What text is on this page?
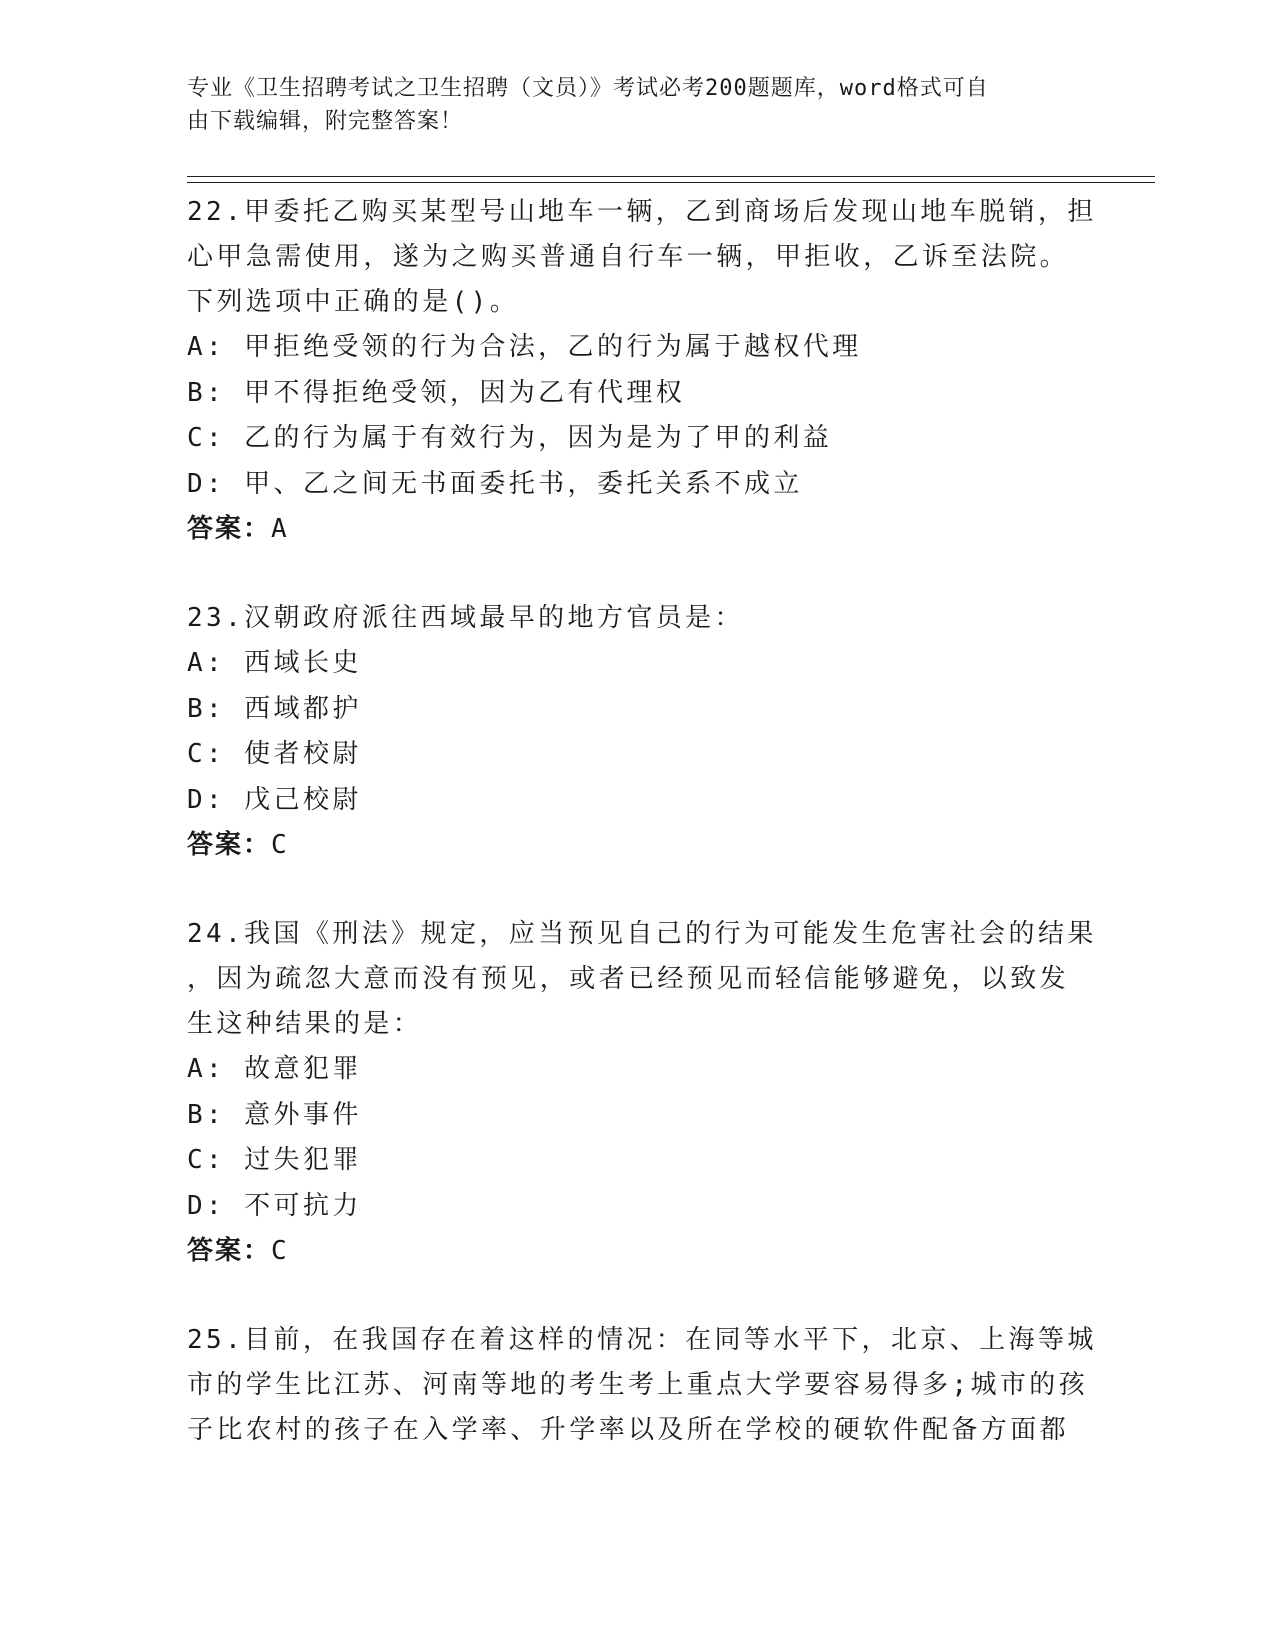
专业《卫生招聘考试之卫生招聘（文员）》考试必考200题题库，word格式可自
由下载编辑，附完整答案！
22.甲委托乙购买某型号山地车一辆，乙到商场后发现山地车脱销，担
心甲急需使用，遂为之购买普通自行车一辆，甲拒收，乙诉至法院。
下列选项中正确的是()。
A: 甲拒绝受领的行为合法，乙的行为属于越权代理
B: 甲不得拒绝受领，因为乙有代理权
C: 乙的行为属于有效行为，因为是为了甲的利益
D: 甲、乙之间无书面委托书，委托关系不成立
答案：A
23.汉朝政府派往西域最早的地方官员是：
A: 西域长史
B: 西域都护
C: 使者校尉
D: 戊己校尉
答案：C
24.我国《刑法》规定，应当预见自己的行为可能发生危害社会的结果
，因为疏忽大意而没有预见，或者已经预见而轻信能够避免，以致发
生这种结果的是：
A: 故意犯罪
B: 意外事件
C: 过失犯罪
D: 不可抗力
答案：C
25.目前，在我国存在着这样的情况：在同等水平下，北京、上海等城
市的学生比江苏、河南等地的考生考上重点大学要容易得多;城市的孩
子比农村的孩子在入学率、升学率以及所在学校的硬软件配备方面都
